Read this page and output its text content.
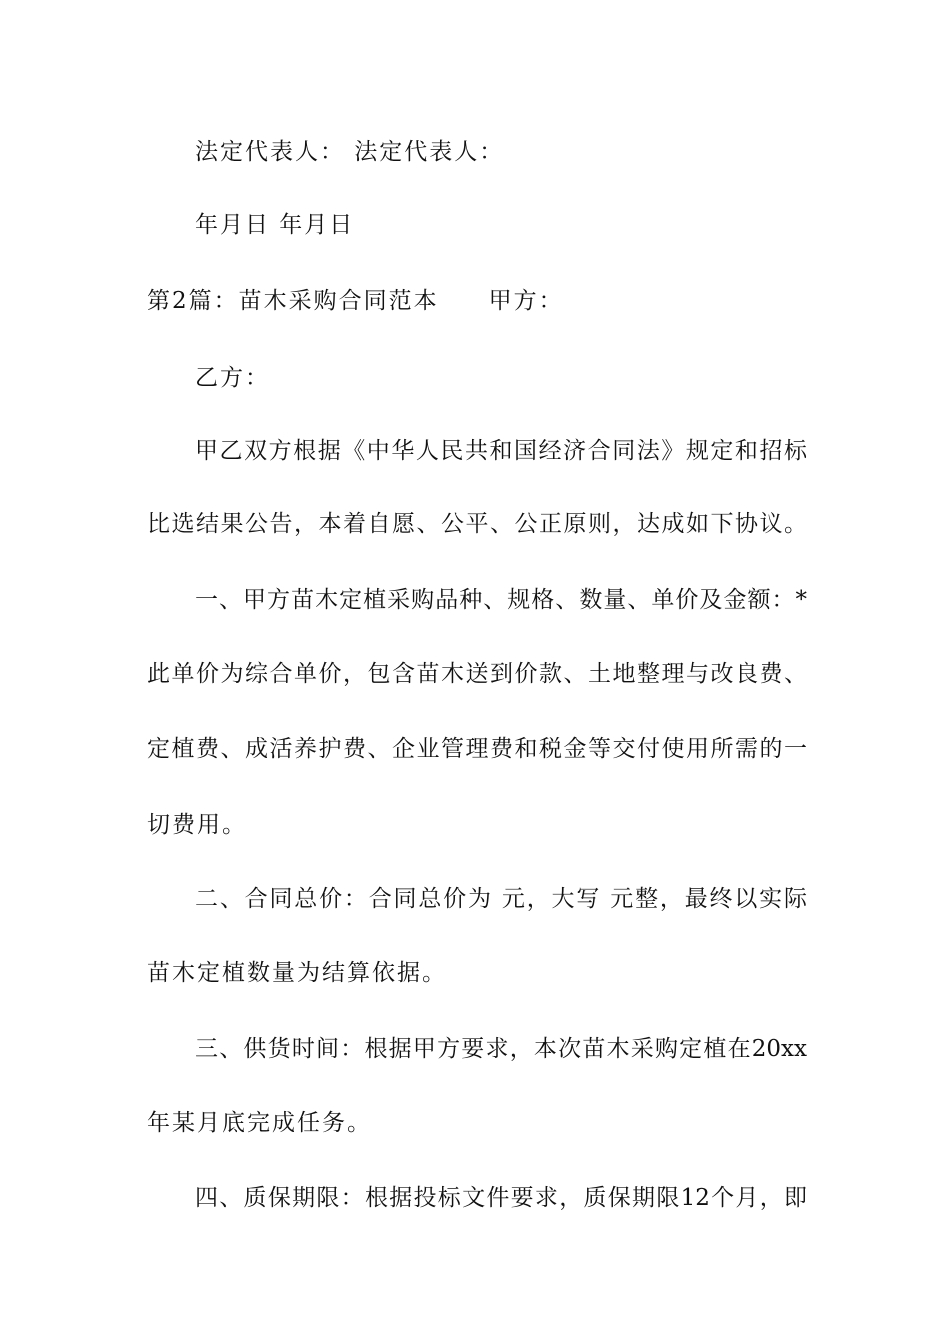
法定代表人： 法定代表人：
年月日 年月日
第2篇：苗木采购合同范本　　甲方：
乙方：
甲乙双方根据《中华人民共和国经济合同法》规定和招标
比选结果公告，本着自愿、公平、公正原则，达成如下协议。
一、甲方苗木定植采购品种、规格、数量、单价及金额：*
此单价为综合单价，包含苗木送到价款、土地整理与改良费、
定植费、成活养护费、企业管理费和税金等交付使用所需的一
切费用。
二、合同总价：合同总价为 元，大写 元整，最终以实际
苗木定植数量为结算依据。
三、供货时间：根据甲方要求，本次苗木采购定植在20xx
年某月底完成任务。
四、质保期限：根据投标文件要求，质保期限12个月，即
